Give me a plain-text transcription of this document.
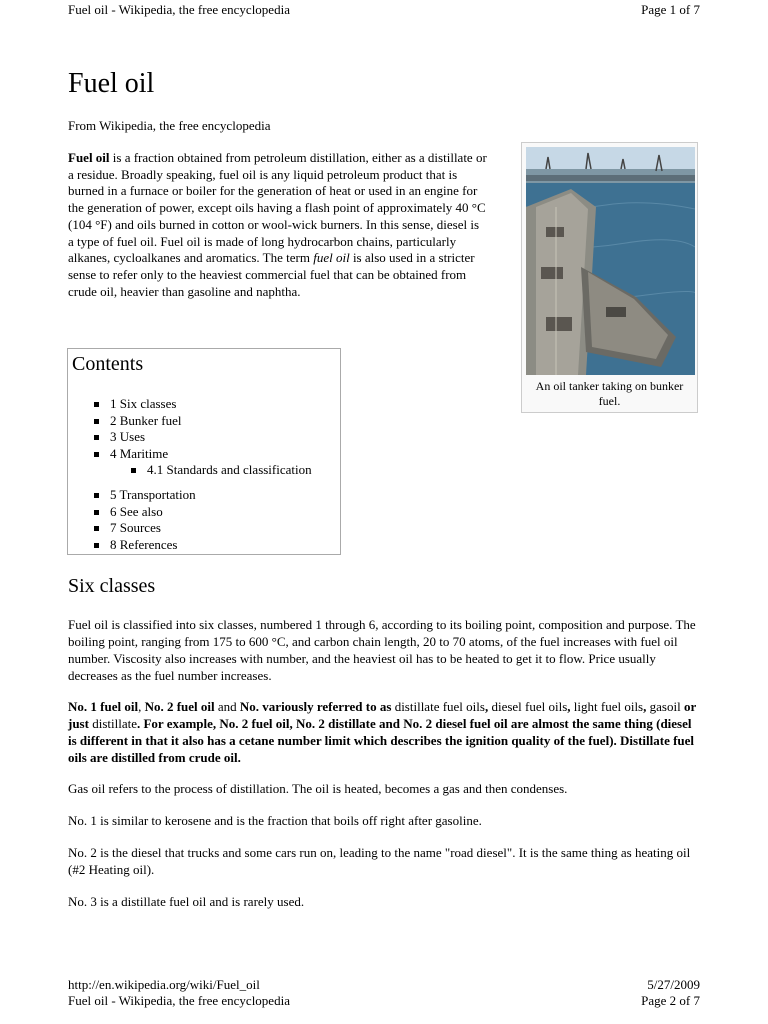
Fuel oil - Wikipedia, the free encyclopedia	Page 1 of 7
Fuel oil
From Wikipedia, the free encyclopedia

Fuel oil is a fraction obtained from petroleum distillation, either as a distillate or a residue. Broadly speaking, fuel oil is any liquid petroleum product that is burned in a furnace or boiler for the generation of heat or used in an engine for the generation of power, except oils having a flash point of approximately 40 °C (104 °F) and oils burned in cotton or wool-wick burners. In this sense, diesel is a type of fuel oil. Fuel oil is made of long hydrocarbon chains, particularly alkanes, cycloalkanes and aromatics. The term fuel oil is also used in a stricter sense to refer only to the heaviest commercial fuel that can be obtained from crude oil, heavier than gasoline and naphtha.

An oil tanker taking on bunker fuel.
Contents
1 Six classes
2 Bunker fuel
3 Uses
4 Maritime
4.1 Standards and classification
5 Transportation
6 See also
7 Sources
8 References
Six classes

Fuel oil is classified into six classes, numbered 1 through 6, according to its boiling point, composition and purpose. The boiling point, ranging from 175 to 600 °C, and carbon chain length, 20 to 70 atoms, of the fuel increases with fuel oil number. Viscosity also increases with number, and the heaviest oil has to be heated to get it to flow. Price usually decreases as the fuel number increases.

No. 1 fuel oil, No. 2 fuel oil and No. variously referred to as distillate fuel oils, diesel fuel oils, light fuel oils, gasoil or just distillate. For example, No. 2 fuel oil, No. 2 distillate and No. 2 diesel fuel oil are almost the same thing (diesel is different in that it also has a cetane number limit which describes the ignition quality of the fuel). Distillate fuel oils are distilled from crude oil.

Gas oil refers to the process of distillation. The oil is heated, becomes a gas and then condenses.

No. 1 is similar to kerosene and is the fraction that boils off right after gasoline.

No. 2 is the diesel that trucks and some cars run on, leading to the name "road diesel". It is the same thing as heating oil (#2 Heating oil).

No. 3 is a distillate fuel oil and is rarely used.

http://en.wikipedia.org/wiki/Fuel_oil	5/27/2009
Fuel oil - Wikipedia, the free encyclopedia	Page 2 of 7
